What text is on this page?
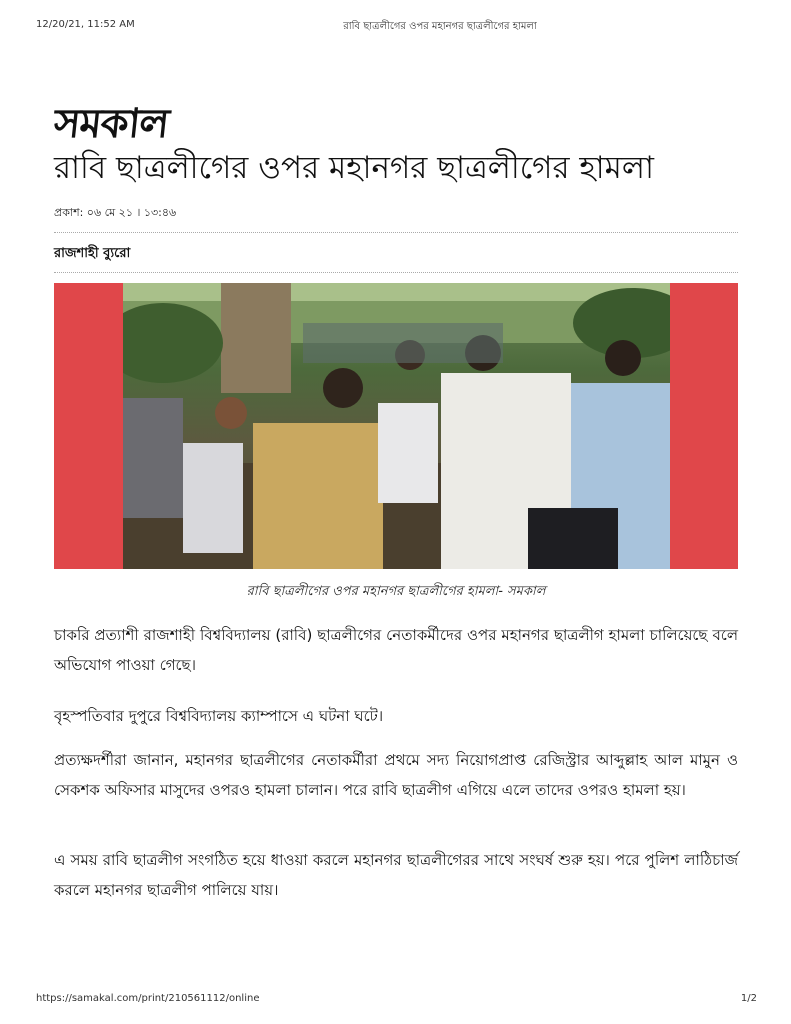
12/20/21, 11:52 AM	রাবি ছাত্রলীগের ওপর মহানগর ছাত্রলীগের হামলা
সমকাল
রাবি ছাত্রলীগের ওপর মহানগর ছাত্রলীগের হামলা
প্রকাশ: ০৬ মে ২১ । ১৩:৪৬
রাজশাহী ব্যুরো
রাবি ছাত্রলীগের ওপর মহানগর ছাত্রলীগের হামলা- সমকাল

চাকরি প্রত্যাশী রাজশাহী বিশ্ববিদ্যালয় (রাবি) ছাত্রলীগের নেতাকর্মীদের ওপর মহানগর ছাত্রলীগ হামলা চালিয়েছে বলে অভিযোগ পাওয়া গেছে।

বৃহস্পতিবার দুপুরে বিশ্ববিদ্যালয় ক্যাম্পাসে এ ঘটনা ঘটে।

প্রত্যক্ষদর্শীরা জানান, মহানগর ছাত্রলীগের নেতাকর্মীরা প্রথমে সদ্য নিয়োগপ্রাপ্ত রেজিস্ট্রার আব্দুল্লাহ আল মামুন ও সেকশক অফিসার মাসুদের ওপরও হামলা চালান। পরে রাবি ছাত্রলীগ এগিয়ে এলে তাদের ওপরও হামলা হয়।

এ সময় রাবি ছাত্রলীগ সংগঠিত হয়ে ধাওয়া করলে মহানগর ছাত্রলীগেরর সাথে সংঘর্ষ শুরু হয়। পরে পুলিশ লাঠিচার্জ করলে মহানগর ছাত্রলীগ পালিয়ে যায়।

https://samakal.com/print/210561112/online	1/2
